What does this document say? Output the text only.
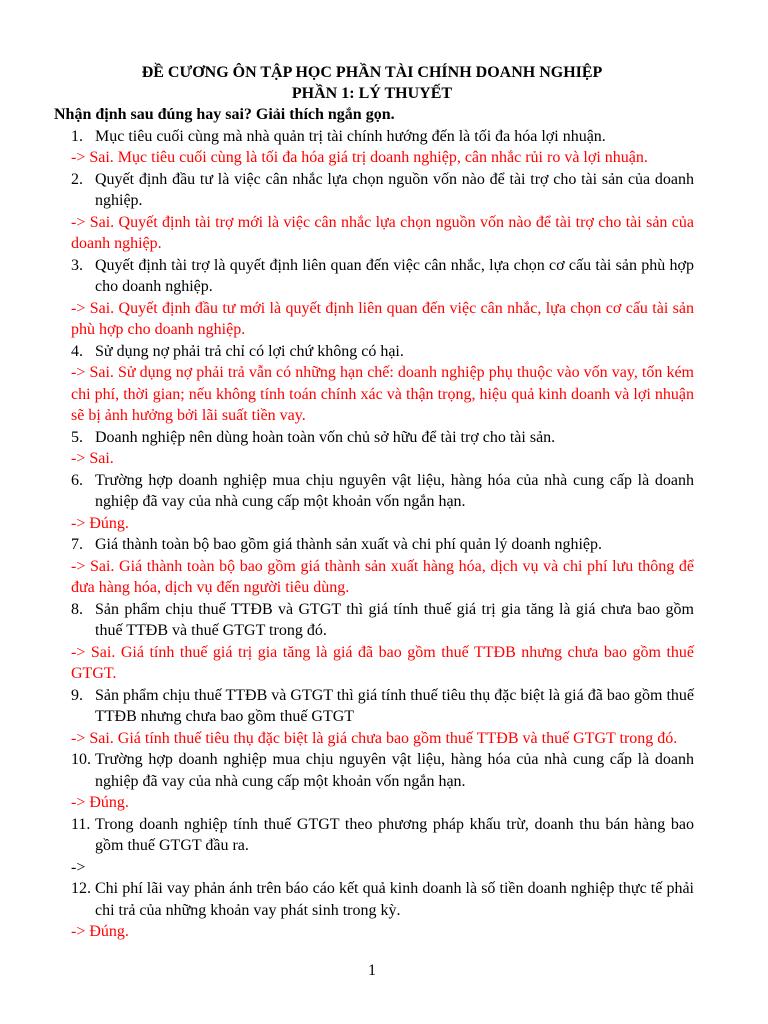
ĐỀ CƯƠNG ÔN TẬP HỌC PHẦN TÀI CHÍNH DOANH NGHIỆP

PHẦN 1: LÝ THUYẾT

Nhận định sau đúng hay sai? Giải thích ngắn gọn.

1. Mục tiêu cuối cùng mà nhà quản trị tài chính hướng đến là tối đa hóa lợi nhuận.

-> Sai. Mục tiêu cuối cùng là tối đa hóa giá trị doanh nghiệp, cân nhắc rủi ro và lợi nhuận.

2. Quyết định đầu tư là việc cân nhắc lựa chọn nguồn vốn nào để tài trợ cho tài sản của doanh nghiệp.

-> Sai. Quyết định tài trợ mới là việc cân nhắc lựa chọn nguồn vốn nào để tài trợ cho tài sản của doanh nghiệp.

3. Quyết định tài trợ là quyết định liên quan đến việc cân nhắc, lựa chọn cơ cấu tài sản phù hợp cho doanh nghiệp.

-> Sai. Quyết định đầu tư mới là quyết định liên quan đến việc cân nhắc, lựa chọn cơ cấu tài sản phù hợp cho doanh nghiệp.

4. Sử dụng nợ phải trả chỉ có lợi chứ không có hại.

-> Sai. Sử dụng nợ phải trả vẫn có những hạn chế: doanh nghiệp phụ thuộc vào vốn vay, tốn kém chi phí, thời gian; nếu không tính toán chính xác và thận trọng, hiệu quả kinh doanh và lợi nhuận sẽ bị ảnh hưởng bởi lãi suất tiền vay.

5. Doanh nghiệp nên dùng hoàn toàn vốn chủ sở hữu để tài trợ cho tài sản.

-> Sai.

6. Trường hợp doanh nghiệp mua chịu nguyên vật liệu, hàng hóa của nhà cung cấp là doanh nghiệp đã vay của nhà cung cấp một khoản vốn ngắn hạn.

-> Đúng.

7. Giá thành toàn bộ bao gồm giá thành sản xuất và chi phí quản lý doanh nghiệp.

-> Sai. Giá thành toàn bộ bao gồm giá thành sản xuất hàng hóa, dịch vụ và chi phí lưu thông để đưa hàng hóa, dịch vụ đến người tiêu dùng.

8. Sản phẩm chịu thuế TTĐB và GTGT thì giá tính thuế giá trị gia tăng là giá chưa bao gồm thuế TTĐB và thuế GTGT trong đó.

-> Sai. Giá tính thuế giá trị gia tăng là giá đã bao gồm thuế TTĐB nhưng chưa bao gồm thuế GTGT.

9. Sản phẩm chịu thuế TTĐB và GTGT thì giá tính thuế tiêu thụ đặc biệt là giá đã bao gồm thuế TTĐB nhưng chưa bao gồm thuế GTGT

-> Sai. Giá tính thuế tiêu thụ đặc biệt là giá chưa bao gồm thuế TTĐB và thuế GTGT trong đó.

10. Trường hợp doanh nghiệp mua chịu nguyên vật liệu, hàng hóa của nhà cung cấp là doanh nghiệp đã vay của nhà cung cấp một khoản vốn ngắn hạn.

-> Đúng.

11. Trong doanh nghiệp tính thuế GTGT theo phương pháp khấu trừ, doanh thu bán hàng bao gồm thuế GTGT đầu ra.

->

12. Chi phí lãi vay phản ánh trên báo cáo kết quả kinh doanh là số tiền doanh nghiệp thực tế phải chi trả của những khoản vay phát sinh trong kỳ.

-> Đúng.

1
